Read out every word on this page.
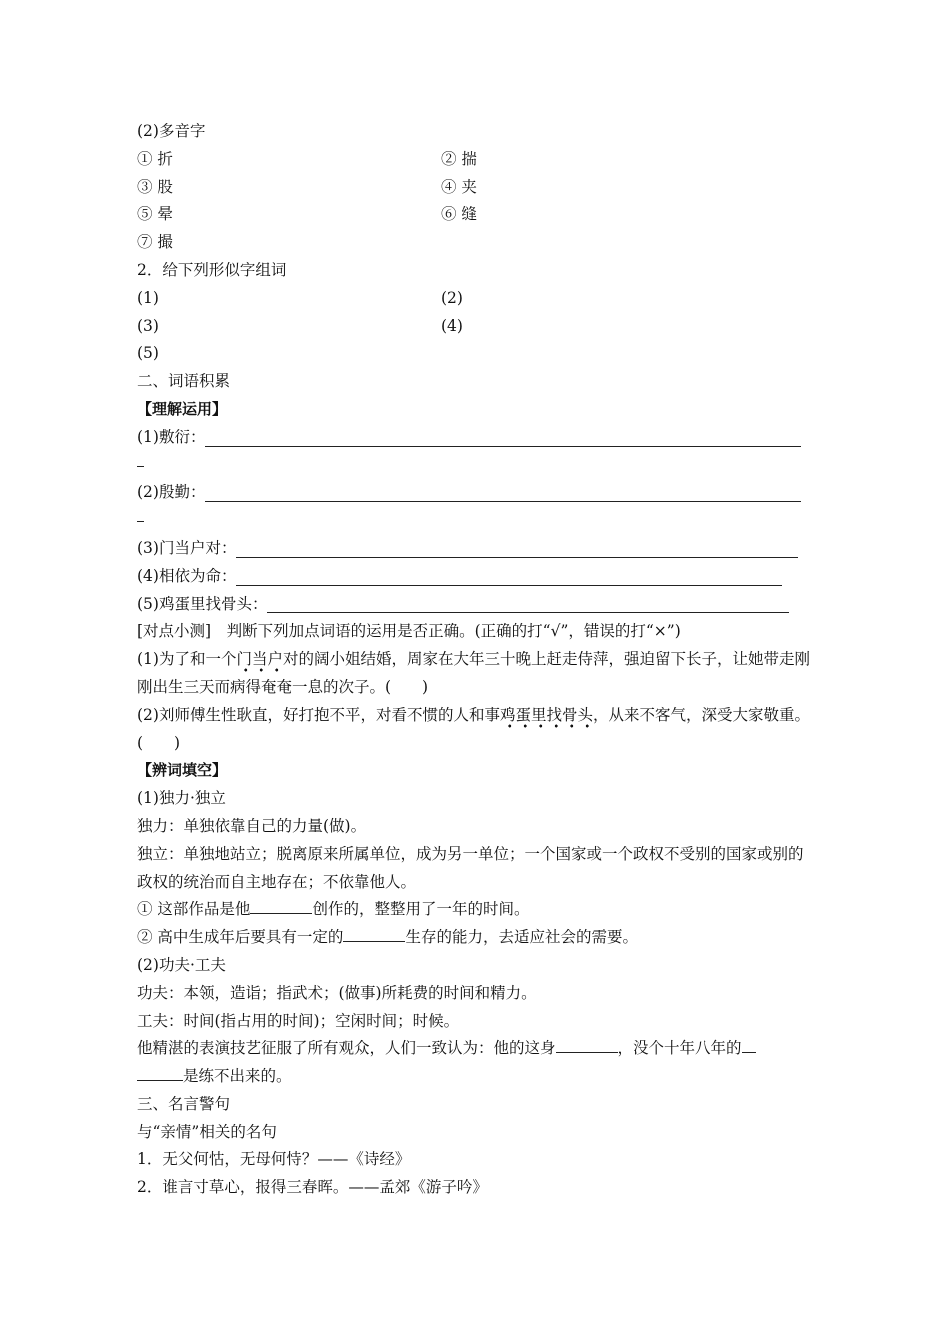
(2)多音字
① 折	② 揣
③ 股	④ 夹
⑤ 晕	⑥ 缝
⑦ 撮
2．给下列形似字组词
(1)	(2)
(3)	(4)
(5)
二、词语积累
【理解运用】
(1)敷衍：
(2)殷勤：
(3)门当户对：
(4)相依为命：
(5)鸡蛋里找骨头：
[对点小测]　判断下列加点词语的运用是否正确。(正确的打“√”，错误的打“×”)
(1)为了和一个门当户对的阔小姐结婚，周家在大年三十晚上赶走侍萍，强迫留下长子，让她带走刚刚出生三天而病得奄奄一息的次子。(　　)
(2)刘师傅生性耿直，好打抱不平，对看不惯的人和事鸡蛋里找骨头，从来不客气，深受大家敬重。(　　)
【辨词填空】
(1)独力·独立
独力：单独依靠自己的力量(做)。
独立：单独地站立；脱离原来所属单位，成为另一单位；一个国家或一个政权不受别的国家或别的政权的统治而自主地存在；不依靠他人。
① 这部作品是他	创作的，整整用了一年的时间。
② 高中生成年后要具有一定的	生存的能力，去适应社会的需要。
(2)功夫·工夫
功夫：本领，造诣；指武术；(做事)所耗费的时间和精力。
工夫：时间(指占用的时间)；空闲时间；时候。
他精湛的表演技艺征服了所有观众，人们一致认为：他的这身	，没个十年八年的
是练不出来的。
三、名言警句
与“亲情”相关的名句
1．无父何怙，无母何恃？——《诗经》
2．谁言寸草心，报得三春晖。——孟郊《游子吟》
